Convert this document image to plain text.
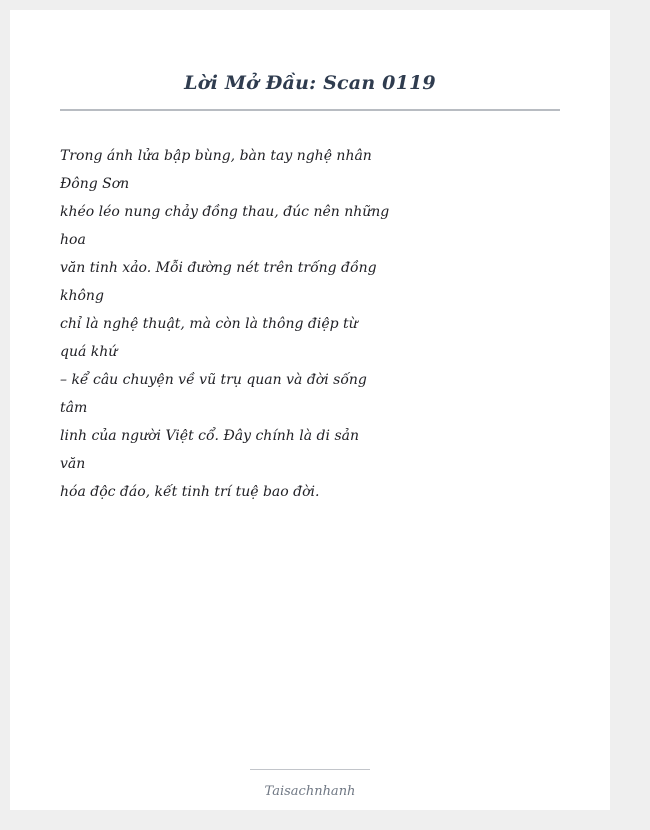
Lời Mở Đầu: Scan 0119
Trong ánh lửa bập bùng, bàn tay nghệ nhân
Đông Sơn
khéo léo nung chảy đồng thau, đúc nên những
hoa
văn tinh xảo. Mỗi đường nét trên trống đồng
không
chỉ là nghệ thuật, mà còn là thông điệp từ
quá khứ
– kể câu chuyện về vũ trụ quan và đời sống
tâm
linh của người Việt cổ. Đây chính là di sản
văn
hóa độc đáo, kết tinh trí tuệ bao đời.

Taisachnhanh
